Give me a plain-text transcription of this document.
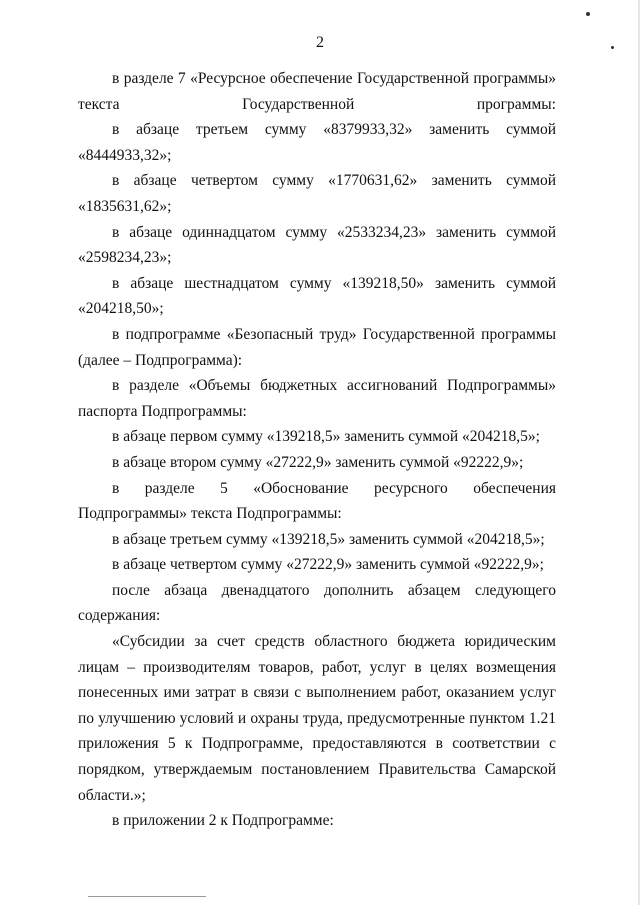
2

в разделе 7 «Ресурсное обеспечение Государственной программы» текста Государственной программы:

в абзаце третьем сумму «8379933,32» заменить суммой «8444933,32»;

в абзаце четвертом сумму «1770631,62» заменить суммой «1835631,62»;

в абзаце одиннадцатом сумму «2533234,23» заменить суммой «2598234,23»;

в абзаце шестнадцатом сумму «139218,50» заменить суммой «204218,50»;

в подпрограмме «Безопасный труд» Государственной программы (далее – Подпрограмма):

в разделе «Объемы бюджетных ассигнований Подпрограммы» паспорта Подпрограммы:

в абзаце первом сумму «139218,5» заменить суммой «204218,5»;

в абзаце втором сумму «27222,9» заменить суммой «92222,9»;

в разделе 5 «Обоснование ресурсного обеспечения Подпрограммы» текста Подпрограммы:

в абзаце третьем сумму «139218,5» заменить суммой «204218,5»;

в абзаце четвертом сумму «27222,9» заменить суммой «92222,9»;

после абзаца двенадцатого дополнить абзацем следующего содержания:

«Субсидии за счет средств областного бюджета юридическим лицам – производителям товаров, работ, услуг в целях возмещения понесенных ими затрат в связи с выполнением работ, оказанием услуг по улучшению условий и охраны труда, предусмотренные пунктом 1.21 приложения 5 к Подпрограмме, предоставляются в соответствии с порядком, утверждаемым постановлением Правительства Самарской области.»;

в приложении 2 к Подпрограмме:
